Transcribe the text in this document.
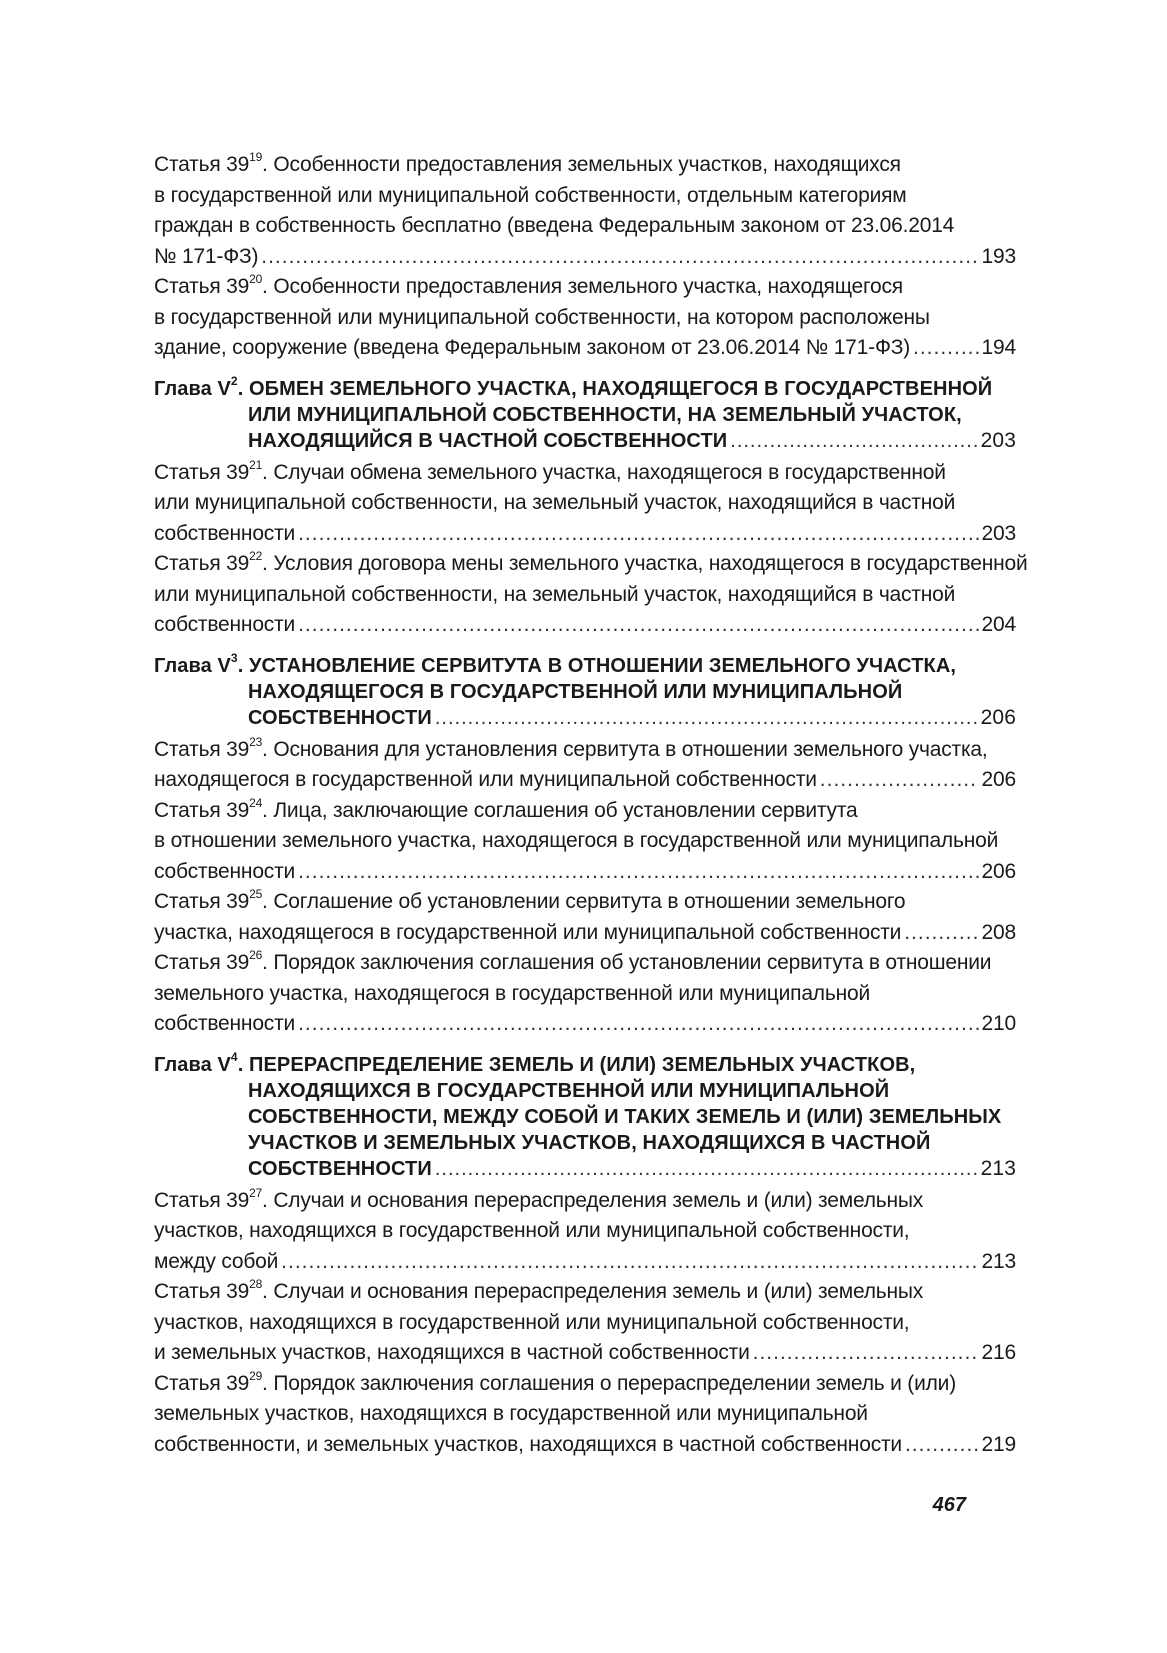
Статья $39^{19}$. Особенности предоставления земельных участков, находящихся
в государственной или муниципальной собственности, отдельным категориям
граждан в собственность бесплатно (введена Федеральным законом от 23.06.2014
№ 171-ФЗ) .....	193
Статья $39^{20}$. Особенности предоставления земельного участка, находящегося
в государственной или муниципальной собственности, на котором расположены
здание, сооружение (введена Федеральным законом от 23.06.2014 № 171-ФЗ) .....	194
Глава $V^2$. ОБМЕН ЗЕМЕЛЬНОГО УЧАСТКА, НАХОДЯЩЕГОСЯ В ГОСУДАРСТВЕННОЙ
ИЛИ МУНИЦИПАЛЬНОЙ СОБСТВЕННОСТИ, НА ЗЕМЕЛЬНЫЙ УЧАСТОК,
НАХОДЯЩИЙСЯ В ЧАСТНОЙ СОБСТВЕННОСТИ .....	203
Статья $39^{21}$. Случаи обмена земельного участка, находящегося в государственной
или муниципальной собственности, на земельный участок, находящийся в частной
собственности .....	203
Статья $39^{22}$. Условия договора мены земельного участка, находящегося в государственной
или муниципальной собственности, на земельный участок, находящийся в частной
собственности .....	204
Глава $V^3$. УСТАНОВЛЕНИЕ СЕРВИТУТА В ОТНОШЕНИИ ЗЕМЕЛЬНОГО УЧАСТКА,
НАХОДЯЩЕГОСЯ В ГОСУДАРСТВЕННОЙ ИЛИ МУНИЦИПАЛЬНОЙ
СОБСТВЕННОСТИ .....	206
Статья $39^{23}$. Основания для установления сервитута в отношении земельного участка,
находящегося в государственной или муниципальной собственности .....	206
Статья $39^{24}$. Лица, заключающие соглашения об установлении сервитута
в отношении земельного участка, находящегося в государственной или муниципальной
собственности .....	206
Статья $39^{25}$. Соглашение об установлении сервитута в отношении земельного
участка, находящегося в государственной или муниципальной собственности .....	208
Статья $39^{26}$. Порядок заключения соглашения об установлении сервитута в отношении
земельного участка, находящегося в государственной или муниципальной
собственности .....	210
Глава $V^4$. ПЕРЕРАСПРЕДЕЛЕНИЕ ЗЕМЕЛЬ И (ИЛИ) ЗЕМЕЛЬНЫХ УЧАСТКОВ,
НАХОДЯЩИХСЯ В ГОСУДАРСТВЕННОЙ ИЛИ МУНИЦИПАЛЬНОЙ
СОБСТВЕННОСТИ, МЕЖДУ СОБОЙ И ТАКИХ ЗЕМЕЛЬ И (ИЛИ) ЗЕМЕЛЬНЫХ
УЧАСТКОВ И ЗЕМЕЛЬНЫХ УЧАСТКОВ, НАХОДЯЩИХСЯ В ЧАСТНОЙ
СОБСТВЕННОСТИ .....	213
Статья $39^{27}$. Случаи и основания перераспределения земель и (или) земельных
участков, находящихся в государственной или муниципальной собственности,
между собой .....	213
Статья $39^{28}$. Случаи и основания перераспределения земель и (или) земельных
участков, находящихся в государственной или муниципальной собственности,
и земельных участков, находящихся в частной собственности .....	216
Статья $39^{29}$. Порядок заключения соглашения о перераспределении земель и (или)
земельных участков, находящихся в государственной или муниципальной
собственности, и земельных участков, находящихся в частной собственности .....	219
467
